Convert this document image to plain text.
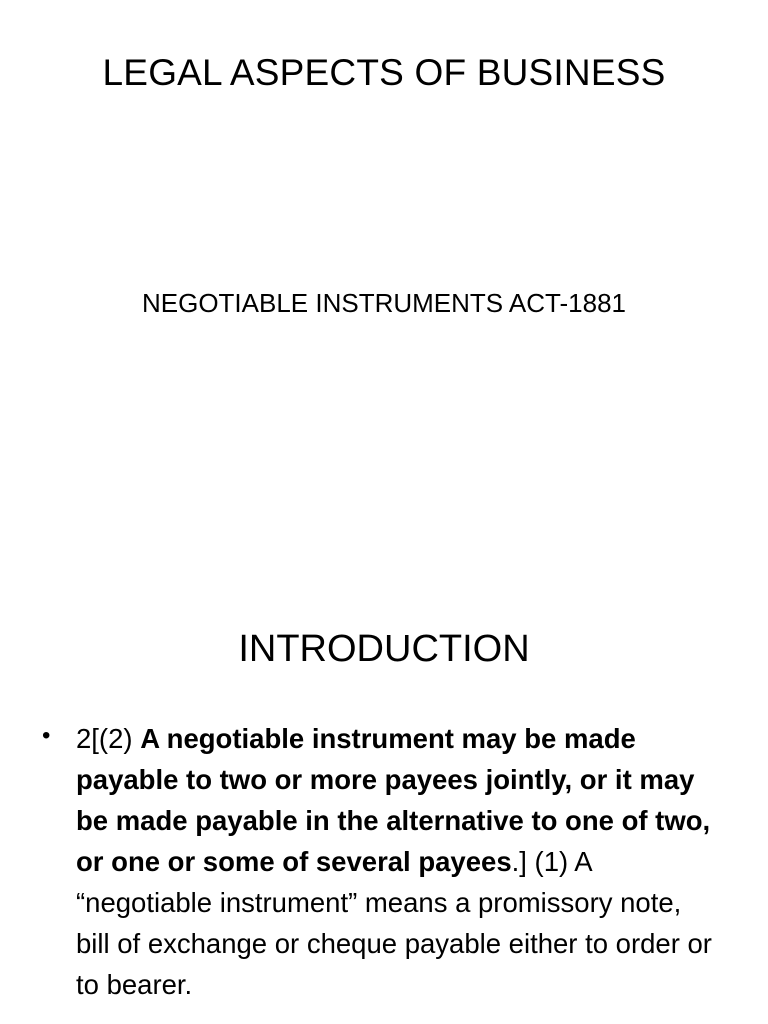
LEGAL ASPECTS OF BUSINESS
NEGOTIABLE INSTRUMENTS ACT-1881
INTRODUCTION
• 2[(2) A negotiable instrument may be made payable to two or more payees jointly, or it may be made payable in the alternative to one of two, or one or some of several payees.] (1) A “negotiable instrument” means a promissory note, bill of exchange or cheque payable either to order or to bearer.
